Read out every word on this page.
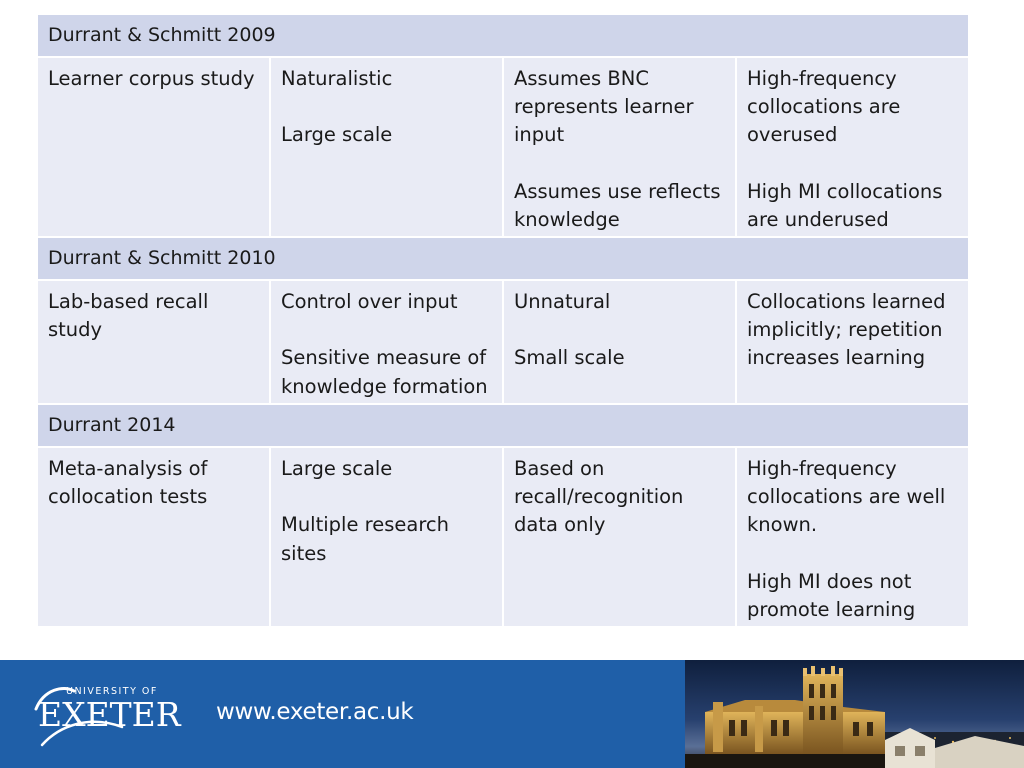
Durrant & Schmitt 2009

Learner corpus study Naturalistic

Large scale

Assumes BNC represents learner input

Assumes use reflects knowledge

High-frequency collocations are overused

High MI collocations are underused

Durrant & Schmitt 2010

Lab-based recall study

Control over input

Sensitive measure of knowledge formation

Unnatural

Small scale

Collocations learned implicitly; repetition increases learning

Durrant 2014

Meta-analysis of collocation tests

Large scale

Multiple research sites

Based on recall/recognition data only

High-frequency collocations are well known.

High MI does not promote learning

UNIVERSITY OF
EXETER www.exeter.ac.uk
